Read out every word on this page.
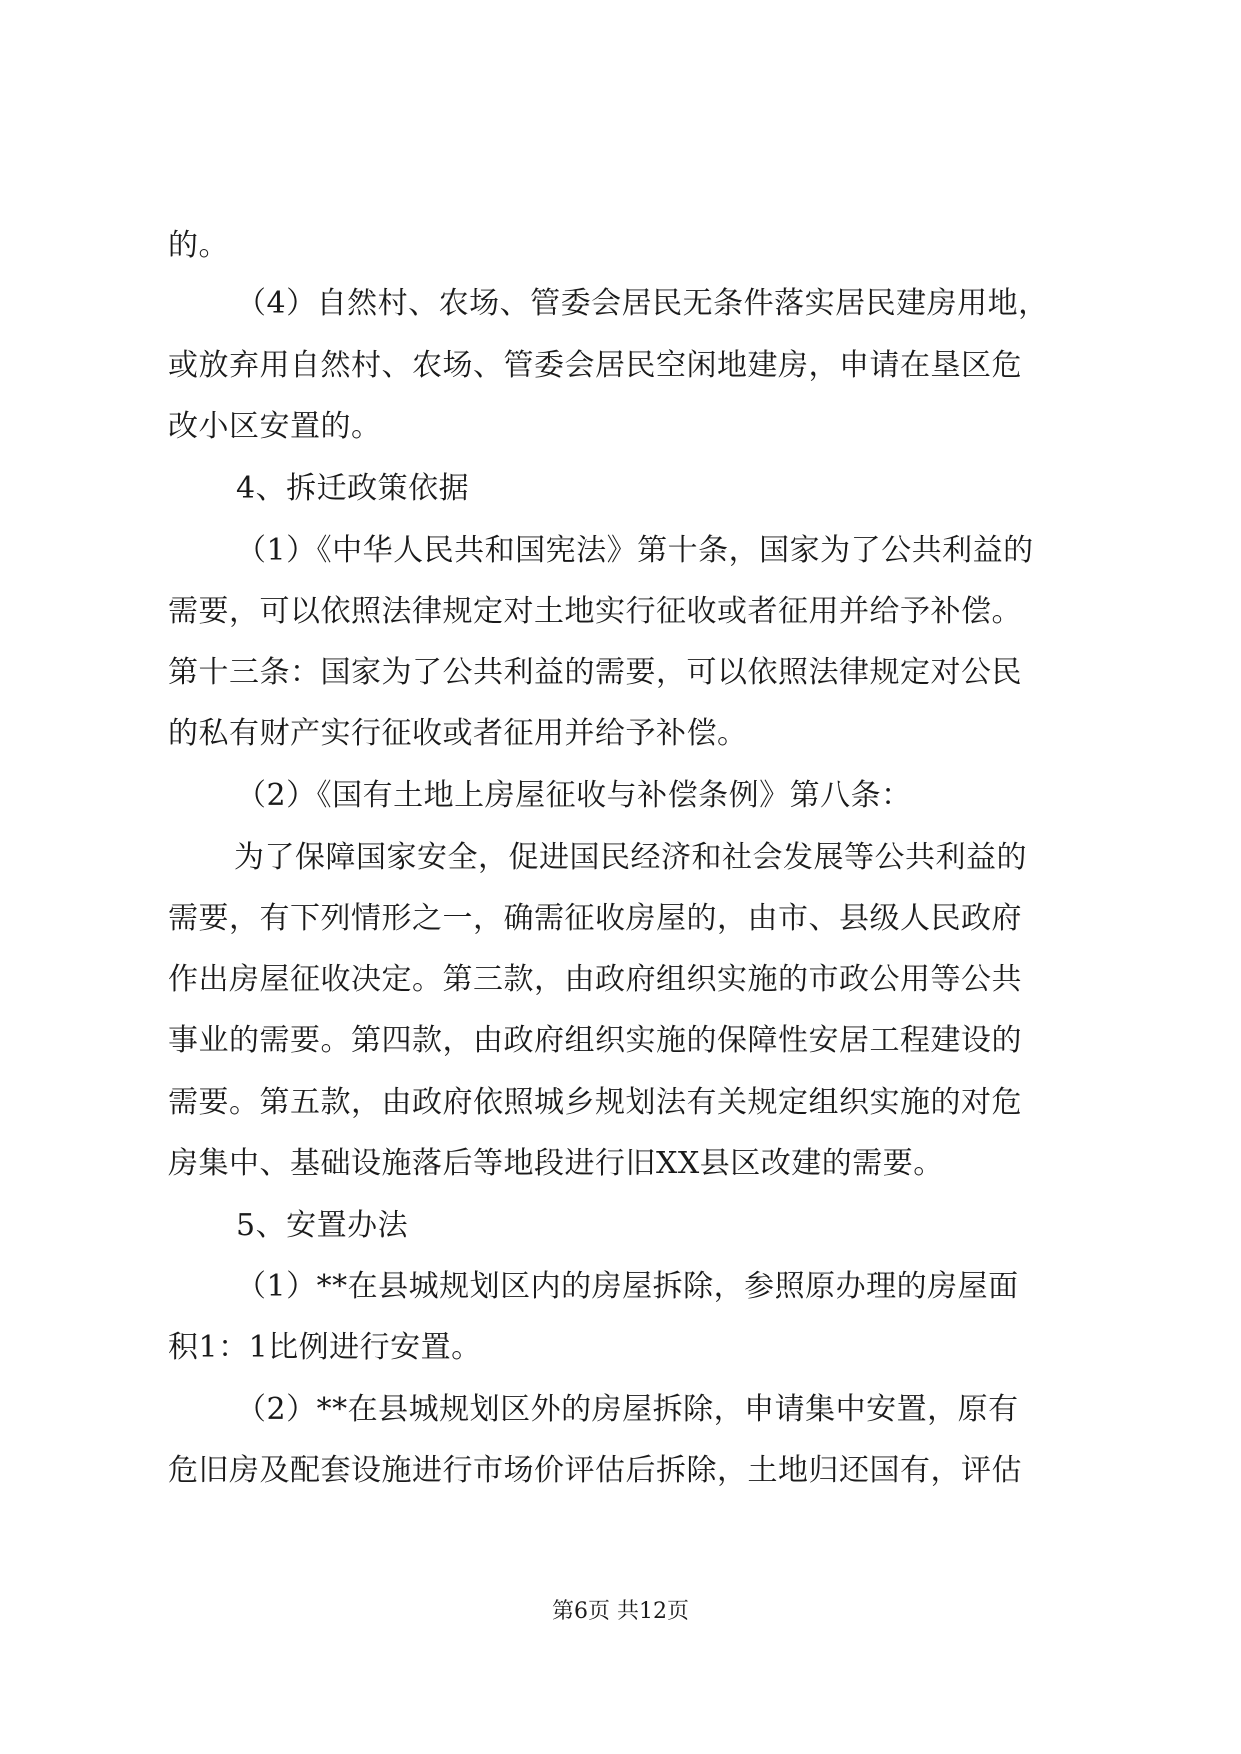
的。
（4）自然村、农场、管委会居民无条件落实居民建房用地，
或放弃用自然村、农场、管委会居民空闲地建房，申请在垦区危
改小区安置的。
4、拆迁政策依据
（1）《中华人民共和国宪法》第十条，国家为了公共利益的
需要，可以依照法律规定对土地实行征收或者征用并给予补偿。
第十三条：国家为了公共利益的需要，可以依照法律规定对公民
的私有财产实行征收或者征用并给予补偿。
（2）《国有土地上房屋征收与补偿条例》第八条：
为了保障国家安全，促进国民经济和社会发展等公共利益的
需要，有下列情形之一，确需征收房屋的，由市、县级人民政府
作出房屋征收决定。第三款，由政府组织实施的市政公用等公共
事业的需要。第四款，由政府组织实施的保障性安居工程建设的
需要。第五款，由政府依照城乡规划法有关规定组织实施的对危
房集中、基础设施落后等地段进行旧XX县区改建的需要。
5、安置办法
（1）**在县城规划区内的房屋拆除，参照原办理的房屋面
积1：1比例进行安置。
（2）**在县城规划区外的房屋拆除，申请集中安置，原有
危旧房及配套设施进行市场价评估后拆除，土地归还国有，评估
第6页 共12页
